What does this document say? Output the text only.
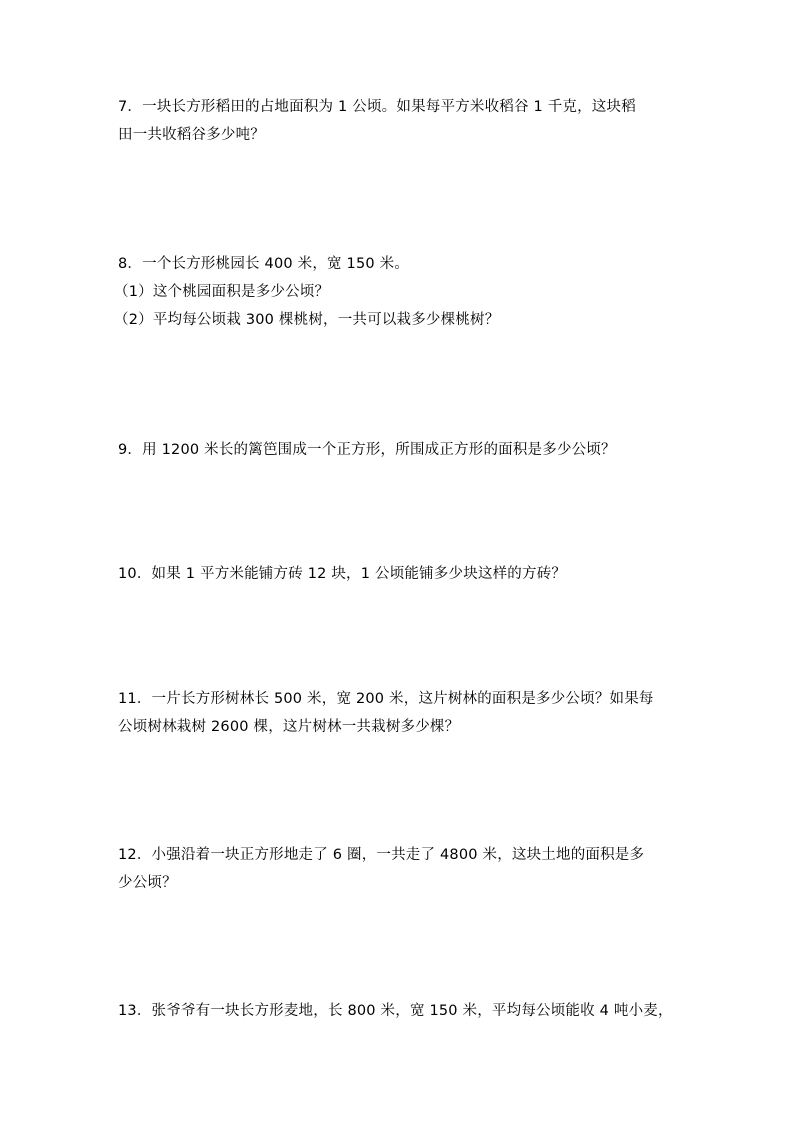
7．一块长方形稻田的占地面积为 1 公顷。如果每平方米收稻谷 1 千克，这块稻
田一共收稻谷多少吨？
8．一个长方形桃园长 400 米，宽 150 米。
（1）这个桃园面积是多少公顷？
（2）平均每公顷栽 300 棵桃树，一共可以栽多少棵桃树？
9．用 1200 米长的篱笆围成一个正方形，所围成正方形的面积是多少公顷？
10．如果 1 平方米能铺方砖 12 块，1 公顷能铺多少块这样的方砖？
11．一片长方形树林长 500 米，宽 200 米，这片树林的面积是多少公顷？如果每
公顷树林栽树 2600 棵，这片树林一共栽树多少棵？
12．小强沿着一块正方形地走了 6 圈，一共走了 4800 米，这块土地的面积是多
少公顷？
13．张爷爷有一块长方形麦地，长 800 米，宽 150 米，平均每公顷能收 4 吨小麦，
